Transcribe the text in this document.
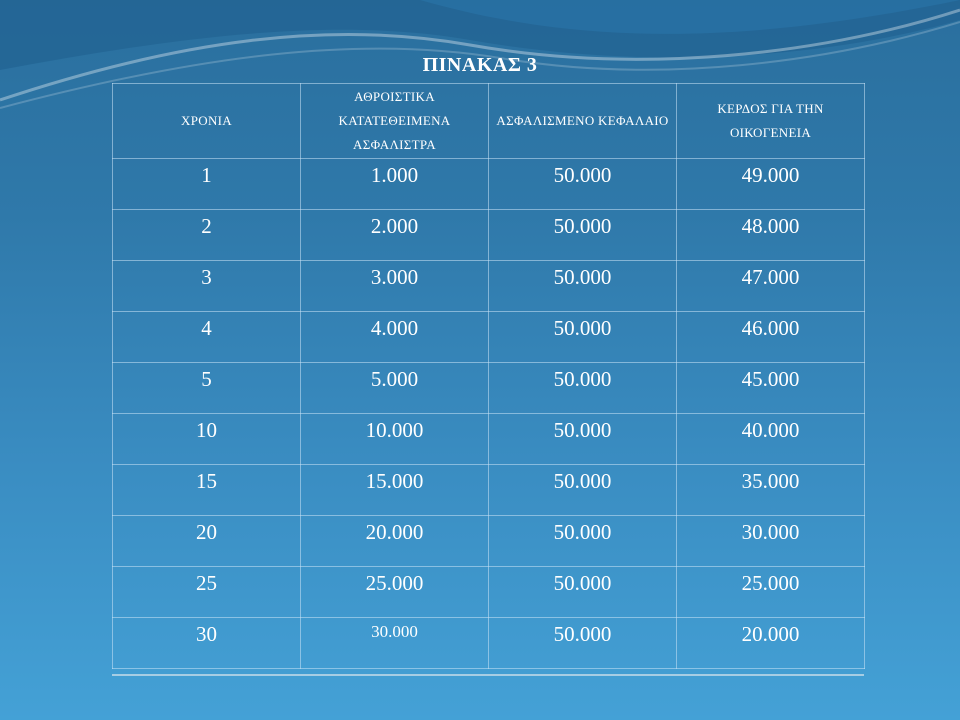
ΠΙΝΑΚΑΣ 3
ΧΡΟΝΙΑ	ΑΘΡΟΙΣΤΙΚΑ ΚΑΤΑΤΕΘΕΙΜΕΝΑ ΑΣΦΑΛΙΣΤΡΑ	ΑΣΦΑΛΙΣΜΕΝΟ ΚΕΦΑΛΑΙΟ	ΚΕΡΔΟΣ ΓΙΑ ΤΗΝ ΟΙΚΟΓΕΝΕΙΑ
1	1.000	50.000	49.000
2	2.000	50.000	48.000
3	3.000	50.000	47.000
4	4.000	50.000	46.000
5	5.000	50.000	45.000
10	10.000	50.000	40.000
15	15.000	50.000	35.000
20	20.000	50.000	30.000
25	25.000	50.000	25.000
30	30.000	50.000	20.000
